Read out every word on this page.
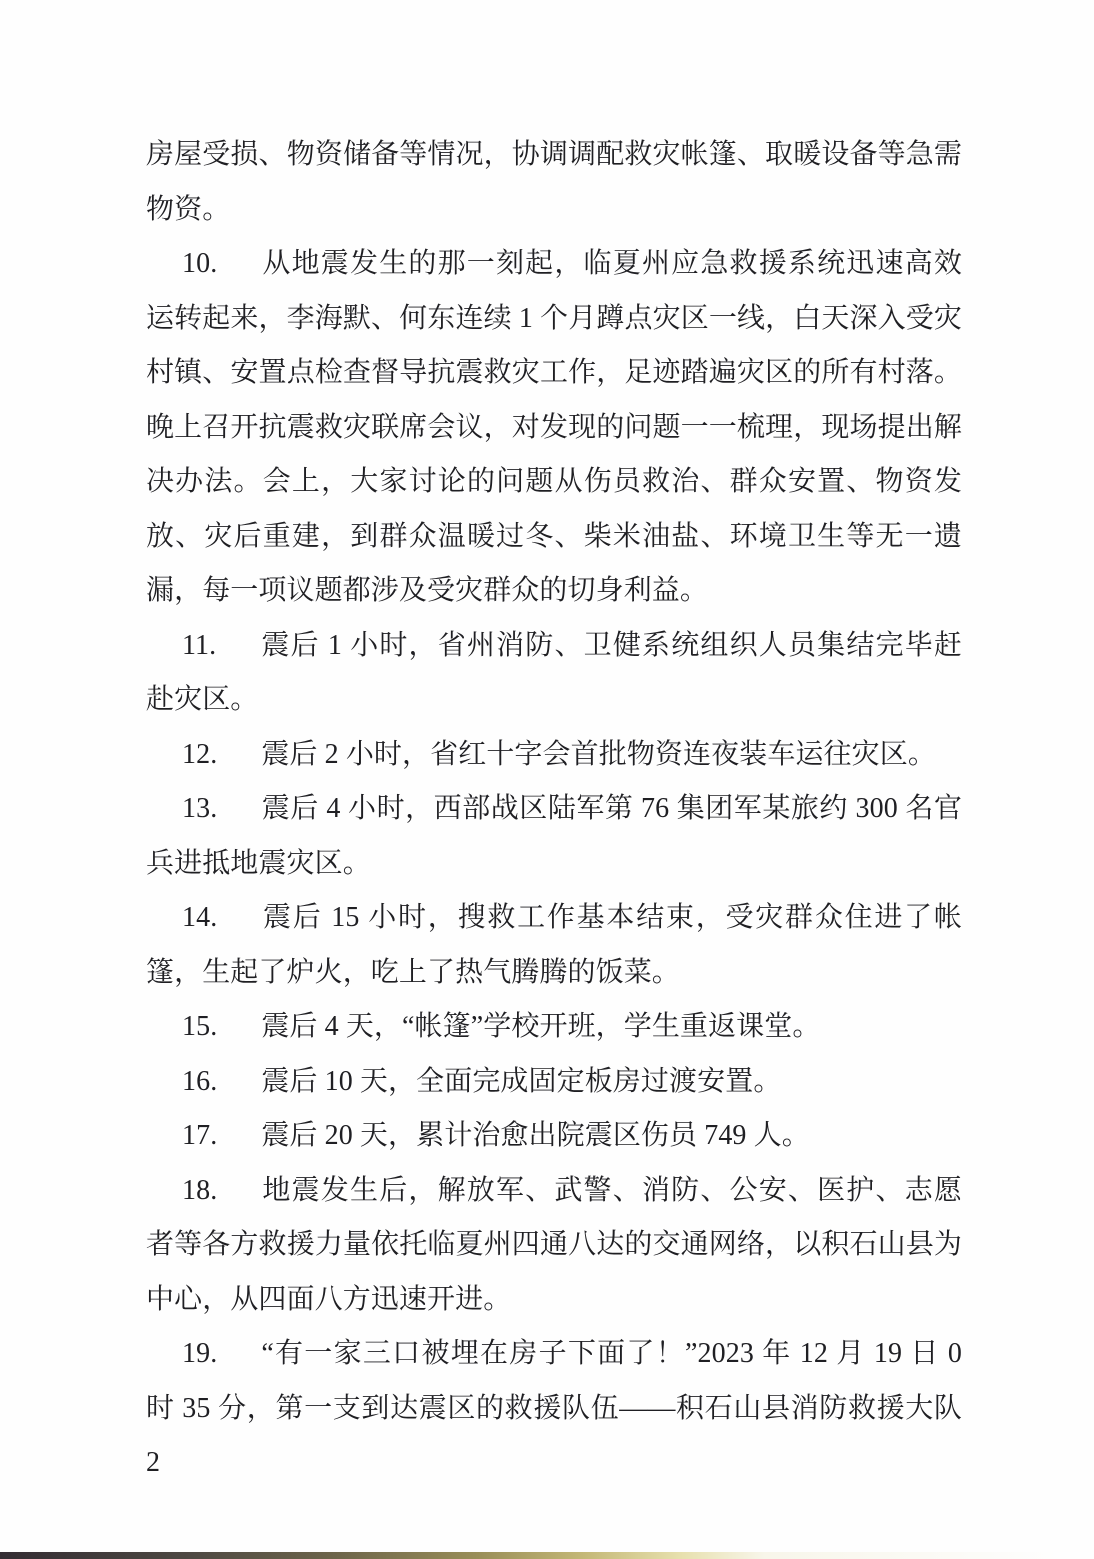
房屋受损、物资储备等情况，协调调配救灾帐篷、取暖设备等急需物资。

10. 从地震发生的那一刻起，临夏州应急救援系统迅速高效运转起来，李海默、何东连续 1 个月蹲点灾区一线，白天深入受灾村镇、安置点检查督导抗震救灾工作，足迹踏遍灾区的所有村落。晚上召开抗震救灾联席会议，对发现的问题一一梳理，现场提出解决办法。会上，大家讨论的问题从伤员救治、群众安置、物资发放、灾后重建，到群众温暖过冬、柴米油盐、环境卫生等无一遗漏，每一项议题都涉及受灾群众的切身利益。

11. 震后 1 小时，省州消防、卫健系统组织人员集结完毕赶赴灾区。

12. 震后 2 小时，省红十字会首批物资连夜装车运往灾区。

13. 震后 4 小时，西部战区陆军第 76 集团军某旅约 300 名官兵进抵地震灾区。

14. 震后 15 小时，搜救工作基本结束，受灾群众住进了帐篷，生起了炉火，吃上了热气腾腾的饭菜。

15. 震后 4 天，“帐篷”学校开班，学生重返课堂。

16. 震后 10 天，全面完成固定板房过渡安置。

17. 震后 20 天，累计治愈出院震区伤员 749 人。

18. 地震发生后，解放军、武警、消防、公安、医护、志愿者等各方救援力量依托临夏州四通八达的交通网络，以积石山县为中心，从四面八方迅速开进。

19. “有一家三口被埋在房子下面了！”2023 年 12 月 19 日 0 时 35 分，第一支到达震区的救援队伍——积石山县消防救援大队 2
